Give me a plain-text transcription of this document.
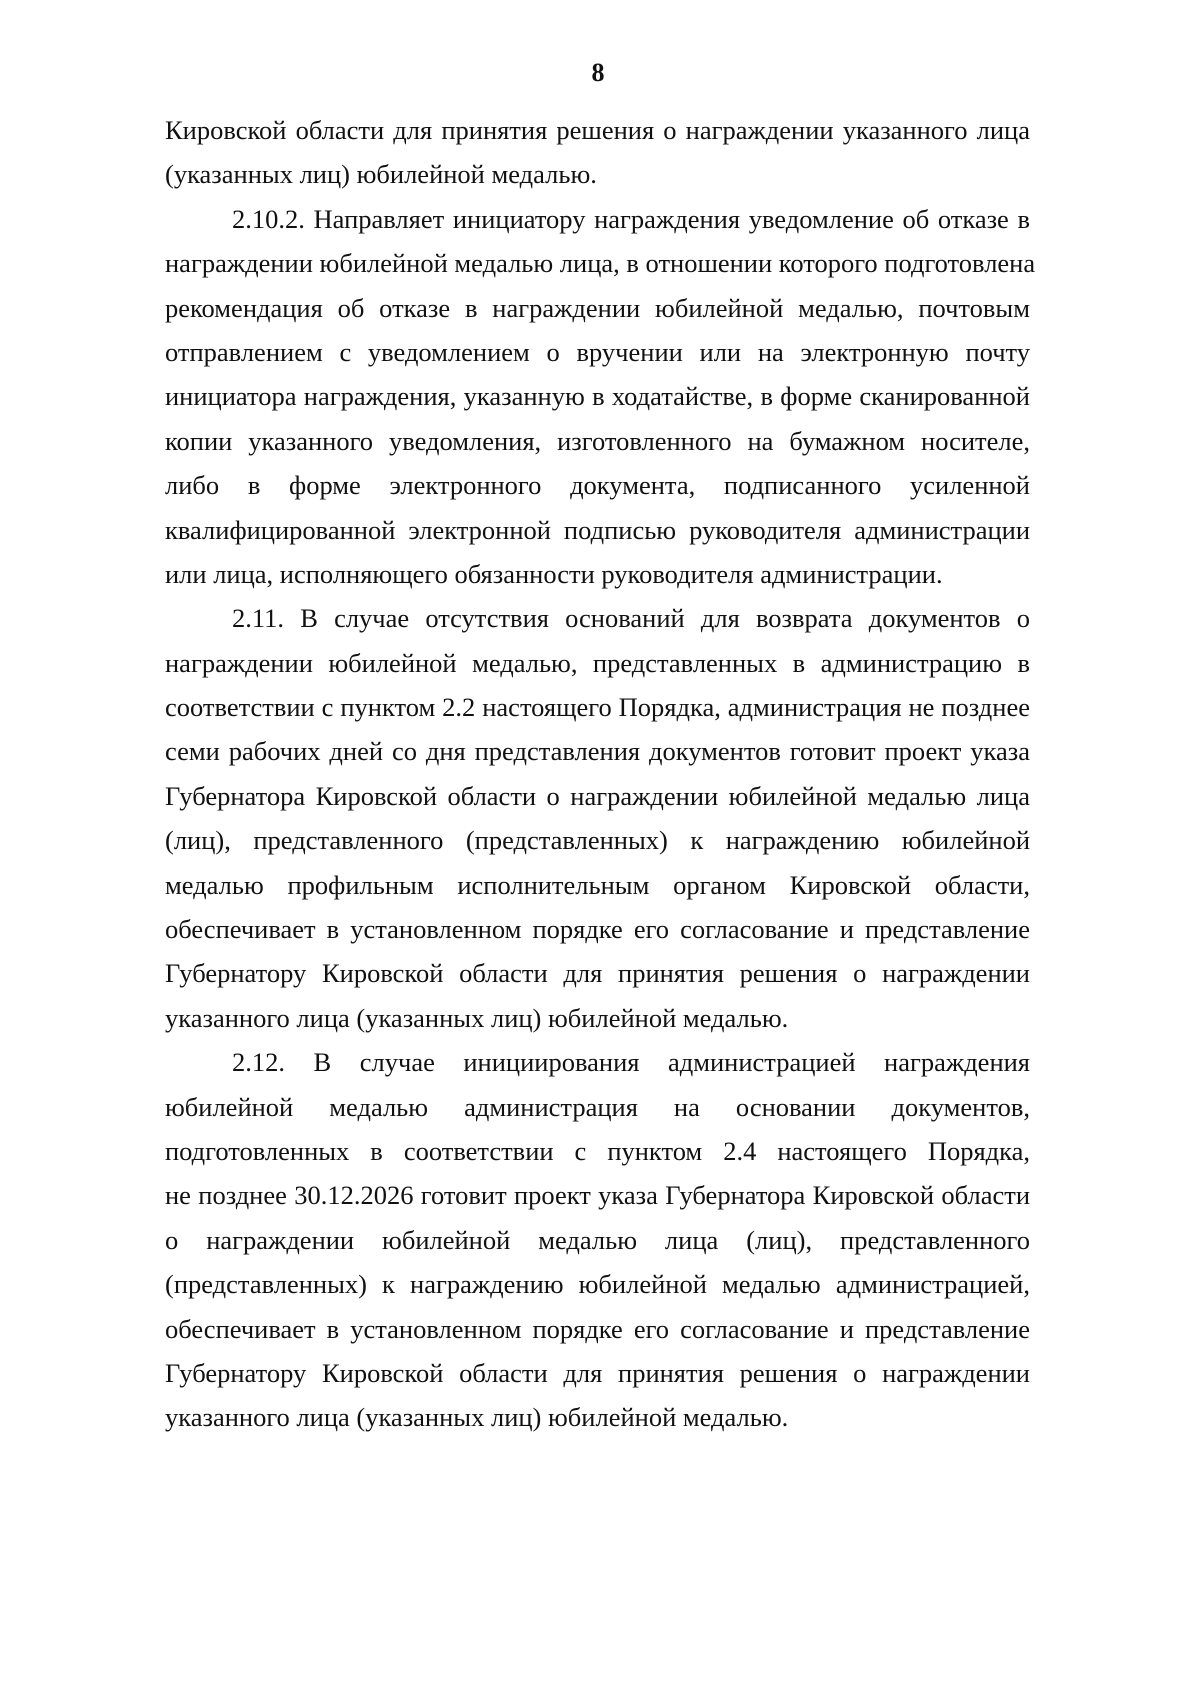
8
Кировской области для принятия решения о награждении указанного лица
(указанных лиц) юбилейной медалью.
2.10.2. Направляет инициатору награждения уведомление об отказе в
награждении юбилейной медалью лица, в отношении которого подготовлена
рекомендация об отказе в награждении юбилейной медалью, почтовым
отправлением с уведомлением о вручении или на электронную почту
инициатора награждения, указанную в ходатайстве, в форме сканированной
копии указанного уведомления, изготовленного на бумажном носителе,
либо в форме электронного документа, подписанного усиленной
квалифицированной электронной подписью руководителя администрации
или лица, исполняющего обязанности руководителя администрации.
2.11. В случае отсутствия оснований для возврата документов о
награждении юбилейной медалью, представленных в администрацию в
соответствии с пунктом 2.2 настоящего Порядка, администрация не позднее
семи рабочих дней со дня представления документов готовит проект указа
Губернатора Кировской области о награждении юбилейной медалью лица
(лиц), представленного (представленных) к награждению юбилейной
медалью профильным исполнительным органом Кировской области,
обеспечивает в установленном порядке его согласование и представление
Губернатору Кировской области для принятия решения о награждении
указанного лица (указанных лиц) юбилейной медалью.
2.12. В случае инициирования администрацией награждения
юбилейной медалью администрация на основании документов,
подготовленных в соответствии с пунктом 2.4 настоящего Порядка,
не позднее 30.12.2026 готовит проект указа Губернатора Кировской области
о награждении юбилейной медалью лица (лиц), представленного
(представленных) к награждению юбилейной медалью администрацией,
обеспечивает в установленном порядке его согласование и представление
Губернатору Кировской области для принятия решения о награждении
указанного лица (указанных лиц) юбилейной медалью.
